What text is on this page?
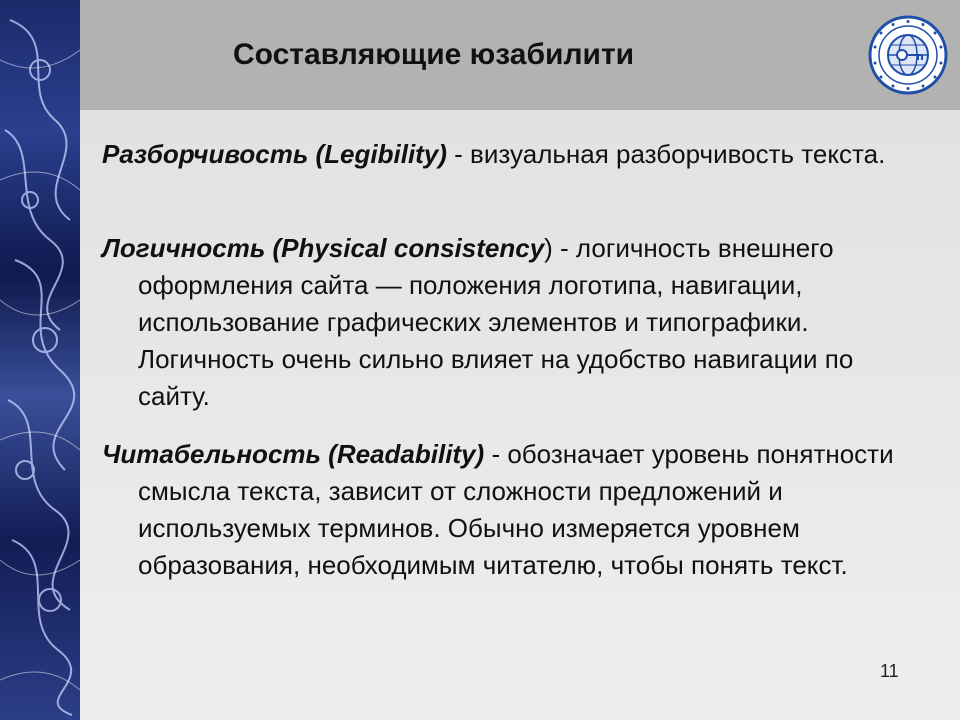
Составляющие юзабилити

Разборчивость (Legibility) - визуальная разборчивость текста.

Логичность (Physical consistency) - логичность внешнего оформления сайта — положения логотипа, навигации, использование графических элементов и типографики. Логичность очень сильно влияет на удобство навигации по сайту.

Читабельность (Readability) - обозначает уровень понятности смысла текста, зависит от сложности предложений и используемых терминов. Обычно измеряется уровнем образования, необходимым читателю, чтобы понять текст.

11
